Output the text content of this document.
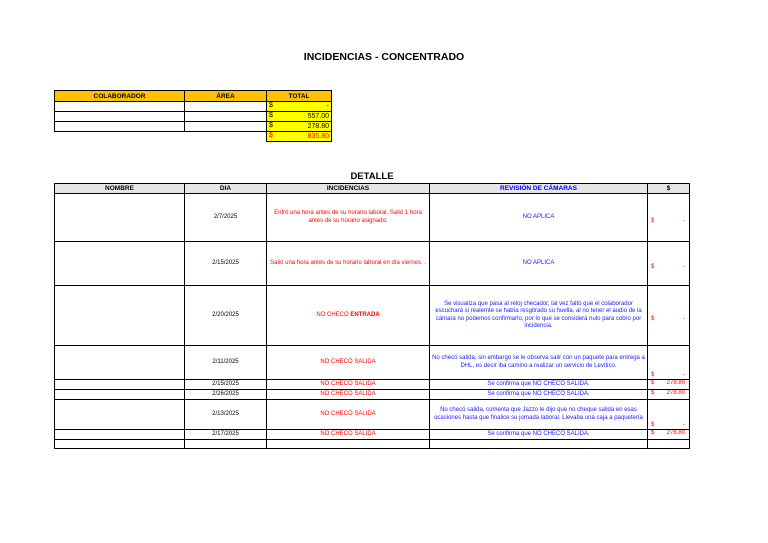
INCIDENCIAS - CONCENTRADO
COLABORADOR	ÁREA	TOTAL

		$ -

		$ 557.00

		$ 278.80

		$ 835.80
DETALLE
NOMBRE	DIA	INCIDENCIAS	REVISIÓN DE CÁMARAS	$
	2/7/2025	Entró una hora antes de su horario laboral. Salió 1 hora antes de su horario asignado.	NO APLICA	$ -

	2/15/2025	Salió una hora antes de su horario laboral en día viernes. .	NO APLICA	$ -

	2/20/2025	NO CHECÓ ENTRADA	Se visualiza que pasa al reloj checador, tal vez faltó que el colaborador escuchará si realemte se había resgitrado su huella, al no tener el audio de la cámara no podemos confirmarlo, por lo que se considerá nulo para cobro por incidencia.	$ -

	2/11/2025	NO CHECÓ SALIDA	No checó salida, sin embargo se le observa salir con un paquete para entrega a DHL, es decir iba camino a realizar un servicio de Levítico.	$ -

	2/15/2025	NO CHECÓ SALIDA	Se confirma que NO CHECÓ SALIDA.	$ 278.80

	2/26/2025	NO CHECÓ SALIDA	Se confirma que NO CHECÓ SALIDA.	$ 278.80

	2/13/2025	NO CHECÓ SALIDA	No checó salida, comenta que Jazzo le dijo que no cheque salida en esas ocasiones hasta que finalice su jornada laboral. Llevaba una caja a paquetería	$ -

	2/17/2025	NO CHECÓ SALIDA	Se confirma que NO CHECÓ SALIDA.	$ 278.80
